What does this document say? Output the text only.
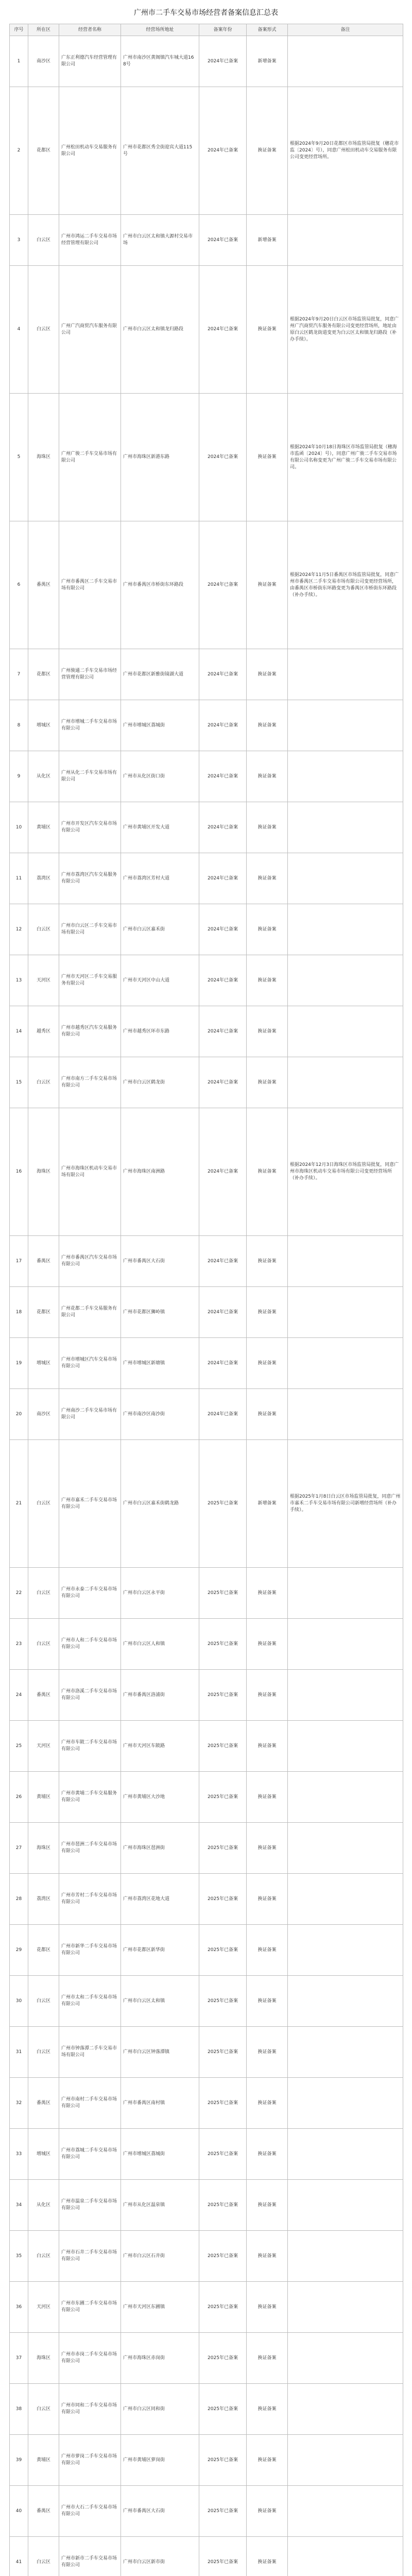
广州市二手车交易市场经营者备案信息汇总表
序号	所在区	经营者名称	经营场所地址	备案年份	备案形式	备注
1	南沙区	广东正利德汽车经营管理有限公司	广州市南沙区黄阁镇汽车城大道168号	2024年已备案	新增备案	
2	花都区	广州松田机动车交易服务有限公司	广州市花都区秀全街迎宾大道115号	2024年已备案	换证备案	根据2024年9月20日花都区市场监管局批复（穗花市监〔2024〕号），同意广州松田机动车交易服务有限公司变更经营场所。
3	白云区	广州市鸿运二手车交易市场经营管理有限公司	广州市白云区太和镇大源村交易市场	2024年已备案	新增备案	
4	白云区	广州广汽商贸汽车服务有限公司	广州市白云区太和镇龙归路段	2024年已备案	换证备案	根据2024年9月20日白云区市场监管局批复，同意广州广汽商贸汽车服务有限公司变更经营场所，地址由原白云区鹤龙街道变更为白云区太和镇龙归路段（补办手续）。
5	海珠区	广州广骏二手车交易市场有限公司	广州市海珠区新港东路	2024年已备案	换证备案	根据2024年10月18日海珠区市场监管局批复（穗海市监函〔2024〕号），同意广州广骏二手车交易市场有限公司名称变更为广州广骏二手车交易市场有限公司。
6	番禺区	广州市番禺区二手车交易市场有限公司	广州市番禺区市桥街东环路段	2024年已备案	换证备案	根据2024年11月5日番禺区市场监管局批复，同意广州市番禺区二手车交易市场有限公司变更经营场所，由番禺区市桥街东环路变更为番禺区市桥街东环路段（补办手续）。
7	花都区	广州骏通二手车交易市场经营管理有限公司	广州市花都区新雅街镜湖大道	2024年已备案	换证备案	
8	增城区	广州市增城二手车交易市场有限公司	广州市增城区荔城街	2024年已备案	换证备案	
9	从化区	广州从化二手车交易市场有限公司	广州市从化区街口街	2024年已备案	换证备案	
10	黄埔区	广州市开发区汽车交易市场有限公司	广州市黄埔区开发大道	2024年已备案	换证备案	
11	荔湾区	广州市荔湾区汽车交易服务有限公司	广州市荔湾区芳村大道	2024年已备案	换证备案	
12	白云区	广州市白云区二手车交易市场有限公司	广州市白云区嘉禾街	2024年已备案	换证备案	
13	天河区	广州市天河区二手车交易服务有限公司	广州市天河区中山大道	2024年已备案	换证备案	
14	越秀区	广州市越秀区汽车交易服务有限公司	广州市越秀区环市东路	2024年已备案	换证备案	
15	白云区	广州市南方二手车交易市场有限公司	广州市白云区鹤龙街	2024年已备案	换证备案	
16	海珠区	广州市海珠区机动车交易市场有限公司	广州市海珠区南洲路	2024年已备案	换证备案	根据2024年12月3日海珠区市场监管局批复，同意广州市海珠区机动车交易市场有限公司变更经营场所（补办手续）。
17	番禺区	广州市番禺区汽车交易市场有限公司	广州市番禺区大石街	2024年已备案	换证备案	
18	花都区	广州花都二手车交易服务有限公司	广州市花都区狮岭镇	2024年已备案	换证备案	
19	增城区	广州市增城区汽车交易市场有限公司	广州市增城区新塘镇	2024年已备案	换证备案	
20	南沙区	广州南沙二手车交易市场有限公司	广州市南沙区南沙街	2024年已备案	换证备案	
21	白云区	广州市嘉禾二手车交易市场有限公司	广州市白云区嘉禾街鹤龙路	2025年已备案	新增备案	根据2025年1月8日白云区市场监管局批复，同意广州市嘉禾二手车交易市场有限公司新增经营场所（补办手续）。
22	白云区	广州市永泰二手车交易市场有限公司	广州市白云区永平街	2025年已备案	换证备案	
23	白云区	广州市人和二手车交易市场有限公司	广州市白云区人和镇	2025年已备案	换证备案	
24	番禺区	广州市洛溪二手车交易市场有限公司	广州市番禺区洛浦街	2025年已备案	换证备案	
25	天河区	广州市车陂二手车交易市场有限公司	广州市天河区车陂路	2025年已备案	换证备案	
26	黄埔区	广州市黄埔二手车交易服务有限公司	广州市黄埔区大沙地	2025年已备案	换证备案	
27	海珠区	广州市琶洲二手车交易市场有限公司	广州市海珠区琶洲街	2025年已备案	换证备案	
28	荔湾区	广州市芳村二手车交易市场有限公司	广州市荔湾区花地大道	2025年已备案	换证备案	
29	花都区	广州市新华二手车交易市场有限公司	广州市花都区新华街	2025年已备案	换证备案	
30	白云区	广州市太和二手车交易市场有限公司	广州市白云区太和镇	2025年已备案	换证备案	
31	白云区	广州市钟落潭二手车交易市场有限公司	广州市白云区钟落潭镇	2025年已备案	换证备案	
32	番禺区	广州市南村二手车交易市场有限公司	广州市番禺区南村镇	2025年已备案	换证备案	
33	增城区	广州市荔城二手车交易市场有限公司	广州市增城区荔城街	2025年已备案	换证备案	
34	从化区	广州市温泉二手车交易市场有限公司	广州市从化区温泉镇	2025年已备案	换证备案	
35	白云区	广州市石井二手车交易市场有限公司	广州市白云区石井街	2025年已备案	换证备案	
36	天河区	广州市东圃二手车交易市场有限公司	广州市天河区东圃镇	2025年已备案	换证备案	
37	海珠区	广州市赤岗二手车交易市场有限公司	广州市海珠区赤岗街	2025年已备案	换证备案	
38	白云区	广州市同和二手车交易市场有限公司	广州市白云区同和街	2025年已备案	换证备案	
39	黄埔区	广州市萝岗二手车交易市场有限公司	广州市黄埔区萝岗街	2025年已备案	换证备案	
40	番禺区	广州市大石二手车交易市场有限公司	广州市番禺区大石街	2025年已备案	换证备案	
41	白云区	广州市新市二手车交易市场有限公司	广州市白云区新市街	2025年已备案	换证备案	
